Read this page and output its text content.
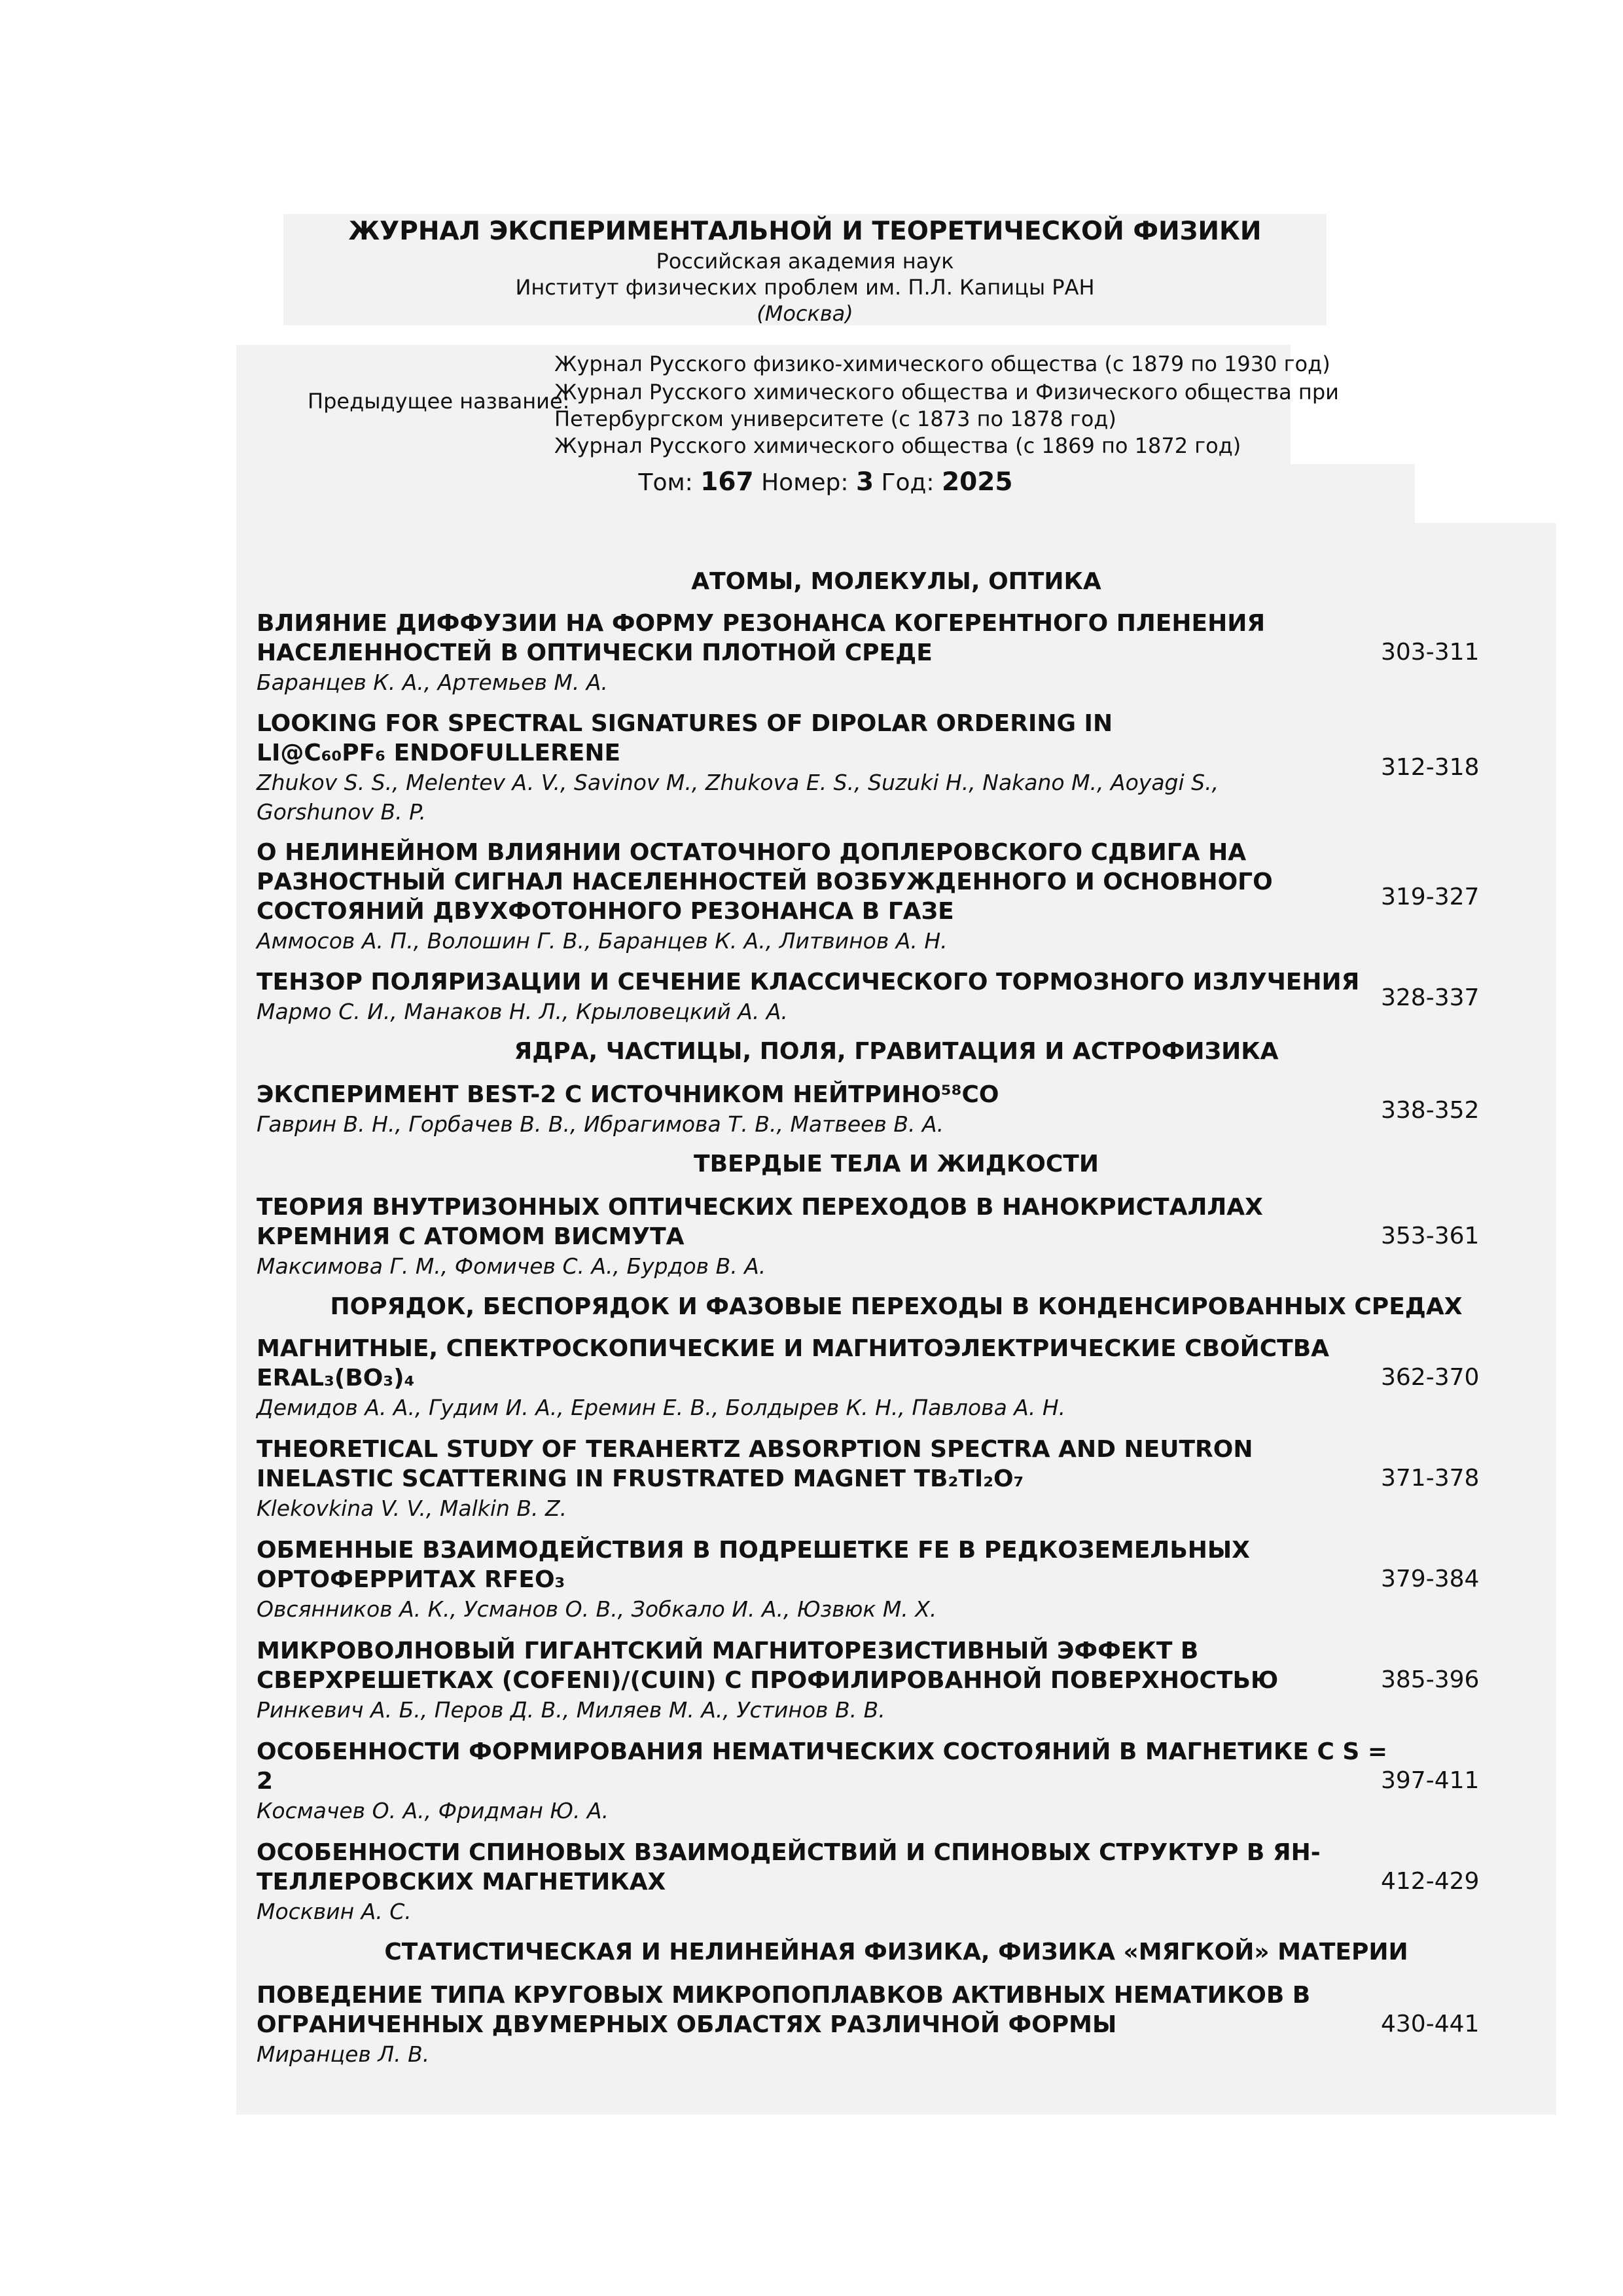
ЖУРНАЛ ЭКСПЕРИМЕНТАЛЬНОЙ И ТЕОРЕТИЧЕСКОЙ ФИЗИКИ
Российская академия наук
Институт физических проблем им. П.Л. Капицы РАН
(Москва)
Предыдущее название:
Журнал Русского физико-химического общества (с 1879 по 1930 год)
Журнал Русского химического общества и Физического общества при
Петербургском университете (с 1873 по 1878 год)
Журнал Русского химического общества (с 1869 по 1872 год)
Том: 167 Номер: 3 Год: 2025
АТОМЫ, МОЛЕКУЛЫ, ОПТИКА
ВЛИЯНИЕ ДИФФУЗИИ НА ФОРМУ РЕЗОНАНСА КОГЕРЕНТНОГО ПЛЕНЕНИЯ
НАСЕЛЕННОСТЕЙ В ОПТИЧЕСКИ ПЛОТНОЙ СРЕДЕ
Баранцев К. А., Артемьев М. А.
303-311
LOOKING FOR SPECTRAL SIGNATURES OF DIPOLAR ORDERING IN
LI@C₆₀PF₆ ENDOFULLERENE
Zhukov S. S., Melentev A. V., Savinov M., Zhukova E. S., Suzuki H., Nakano M., Aoyagi S.,
Gorshunov B. P.
312-318
О НЕЛИНЕЙНОМ ВЛИЯНИИ ОСТАТОЧНОГО ДОПЛЕРОВСКОГО СДВИГА НА
РАЗНОСТНЫЙ СИГНАЛ НАСЕЛЕННОСТЕЙ ВОЗБУЖДЕННОГО И ОСНОВНОГО
СОСТОЯНИЙ ДВУХФОТОННОГО РЕЗОНАНСА В ГАЗЕ
Аммосов А. П., Волошин Г. В., Баранцев К. А., Литвинов А. Н.
319-327
ТЕНЗОР ПОЛЯРИЗАЦИИ И СЕЧЕНИЕ КЛАССИЧЕСКОГО ТОРМОЗНОГО ИЗЛУЧЕНИЯ
Мармо С. И., Манаков Н. Л., Крыловецкий А. А.
328-337
ЯДРА, ЧАСТИЦЫ, ПОЛЯ, ГРАВИТАЦИЯ И АСТРОФИЗИКА
ЭКСПЕРИМЕНТ BEST-2 С ИСТОЧНИКОМ НЕЙТРИНО⁵⁸CO
Гаврин В. Н., Горбачев В. В., Ибрагимова Т. В., Матвеев В. А.
338-352
ТВЕРДЫЕ ТЕЛА И ЖИДКОСТИ
ТЕОРИЯ ВНУТРИЗОННЫХ ОПТИЧЕСКИХ ПЕРЕХОДОВ В НАНОКРИСТАЛЛАХ
КРЕМНИЯ С АТОМОМ ВИСМУТА
Максимова Г. М., Фомичев С. А., Бурдов В. А.
353-361
ПОРЯДОК, БЕСПОРЯДОК И ФАЗОВЫЕ ПЕРЕХОДЫ В КОНДЕНСИРОВАННЫХ СРЕДАХ
МАГНИТНЫЕ, СПЕКТРОСКОПИЧЕСКИЕ И МАГНИТОЭЛЕКТРИЧЕСКИЕ СВОЙСТВА
ERAL₃(BO₃)₄
Демидов А. А., Гудим И. А., Еремин Е. В., Болдырев К. Н., Павлова А. Н.
362-370
THEORETICAL STUDY OF TERAHERTZ ABSORPTION SPECTRA AND NEUTRON
INELASTIC SCATTERING IN FRUSTRATED MAGNET TB₂TI₂O₇
Klekovkina V. V., Malkin B. Z.
371-378
ОБМЕННЫЕ ВЗАИМОДЕЙСТВИЯ В ПОДРЕШЕТКЕ FE В РЕДКОЗЕМЕЛЬНЫХ
ОРТОФЕРРИТАХ RFEO₃
Овсянников А. К., Усманов О. В., Зобкало И. А., Юзвюк М. Х.
379-384
МИКРОВОЛНОВЫЙ ГИГАНТСКИЙ МАГНИТОРЕЗИСТИВНЫЙ ЭФФЕКТ В
СВЕРХРЕШЕТКАХ (COFENI)/(CUIN) С ПРОФИЛИРОВАННОЙ ПОВЕРХНОСТЬЮ
Ринкевич А. Б., Перов Д. В., Миляев М. А., Устинов В. В.
385-396
ОСОБЕННОСТИ ФОРМИРОВАНИЯ НЕМАТИЧЕСКИХ СОСТОЯНИЙ В МАГНЕТИКЕ С S =
2
Космачев О. А., Фридман Ю. А.
397-411
ОСОБЕННОСТИ СПИНОВЫХ ВЗАИМОДЕЙСТВИЙ И СПИНОВЫХ СТРУКТУР В ЯН-
ТЕЛЛЕРОВСКИХ МАГНЕТИКАХ
Москвин А. С.
412-429
СТАТИСТИЧЕСКАЯ И НЕЛИНЕЙНАЯ ФИЗИКА, ФИЗИКА «МЯГКОЙ» МАТЕРИИ
ПОВЕДЕНИЕ ТИПА КРУГОВЫХ МИКРОПОПЛАВКОВ АКТИВНЫХ НЕМАТИКОВ В
ОГРАНИЧЕННЫХ ДВУМЕРНЫХ ОБЛАСТЯХ РАЗЛИЧНОЙ ФОРМЫ
Миранцев Л. В.
430-441
